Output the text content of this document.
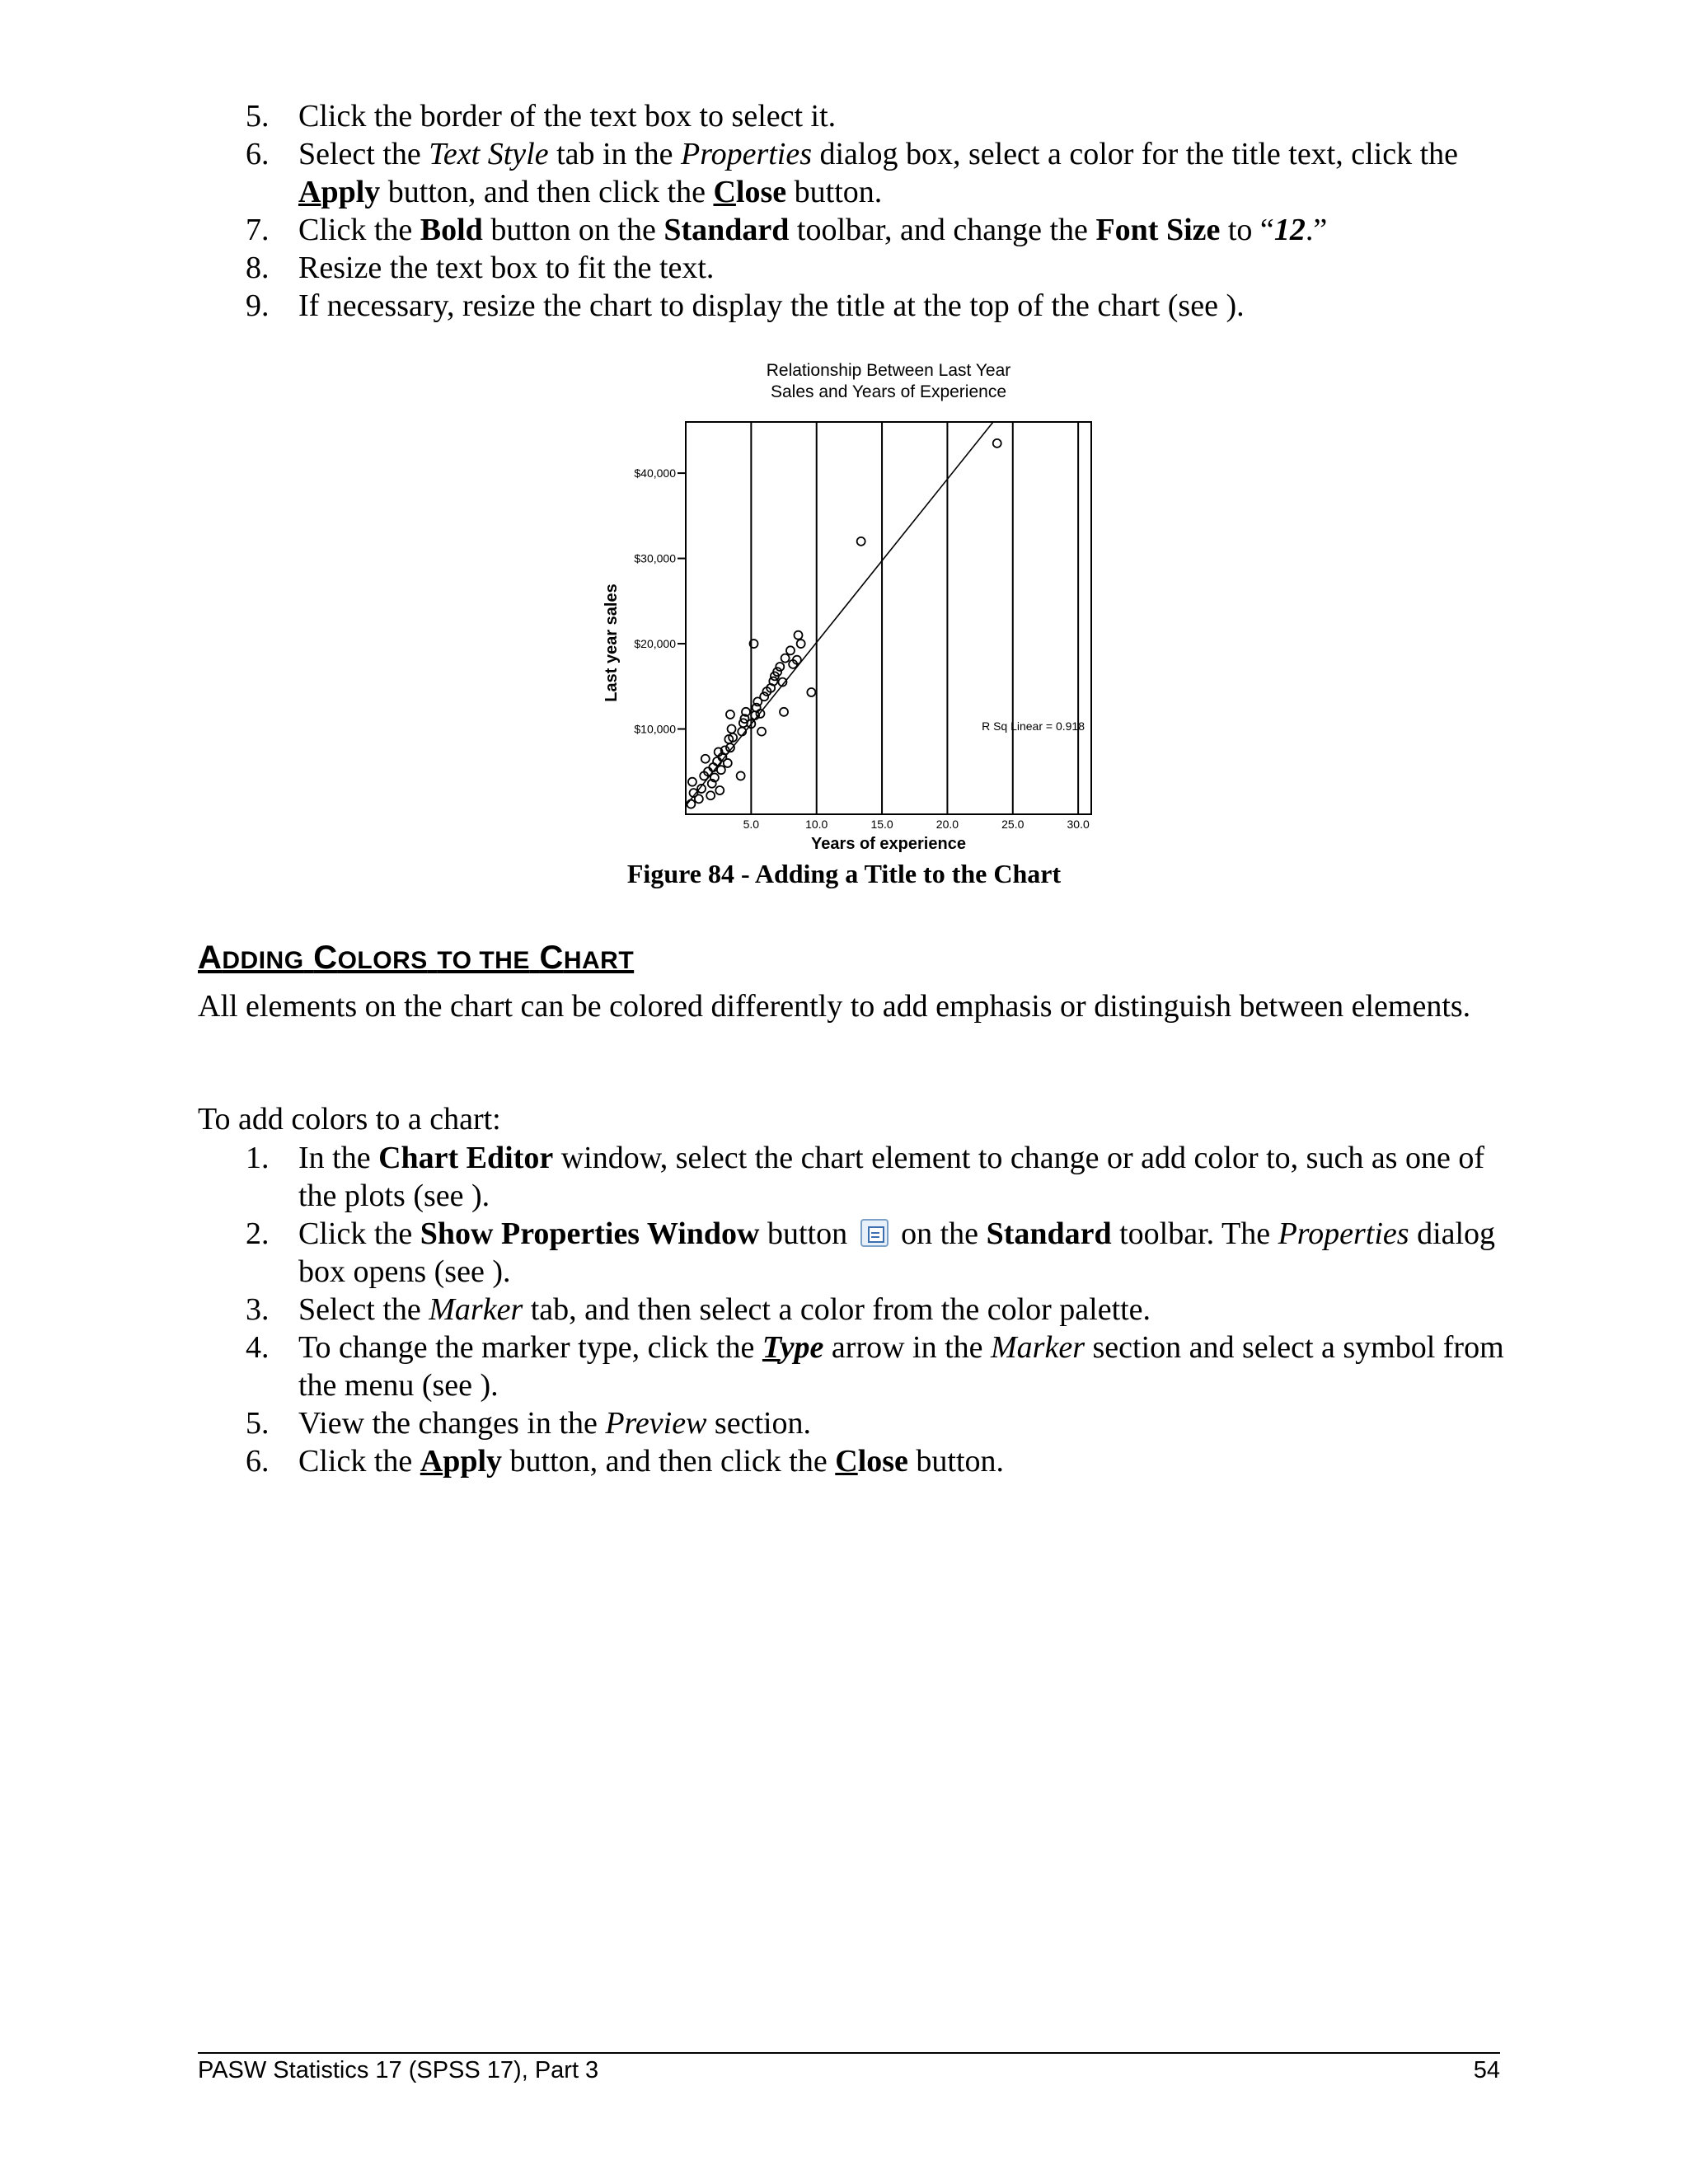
5. Click the border of the text box to select it.
6. Select the Text Style tab in the Properties dialog box, select a color for the title text, click the Apply button, and then click the Close button.
7. Click the Bold button on the Standard toolbar, and change the Font Size to “12.”
8. Resize the text box to fit the text.
9. If necessary, resize the chart to display the title at the top of the chart (see ).
Relationship Between Last Year
Sales and Years of Experience
5.0	10.0	15.0	20.0	25.0	30.0
$10,000
$20,000
$30,000
$40,000
R Sq Linear = 0.918
Years of experience
Last year sales
Figure 84 - Adding a Title to the Chart
ADDING COLORS TO THE CHART

All elements on the chart can be colored differently to add emphasis or distinguish between elements.

To add colors to a chart:

1. In the Chart Editor window, select the chart element to change or add color to, such as one of the plots (see ).
2. Click the Show Properties Window button  on the Standard toolbar. The Properties dialog box opens (see ).
3. Select the Marker tab, and then select a color from the color palette.
4. To change the marker type, click the Type arrow in the Marker section and select a symbol from the menu (see ).
5. View the changes in the Preview section.
6. Click the Apply button, and then click the Close button.
PASW Statistics 17 (SPSS 17), Part 3	54
